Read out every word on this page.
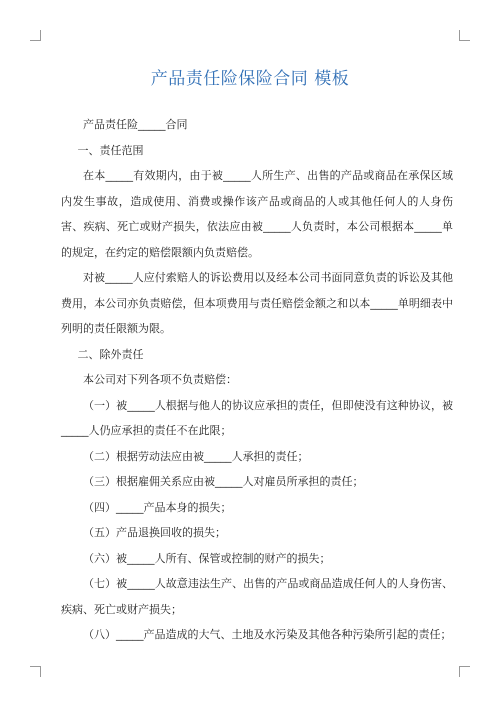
产品责任险保险合同 模板

产品责任险_____合同

一、责任范围

在本_____有效期内，由于被_____人所生产、出售的产品或商品在承保区域内发生事故，造成使用、消费或操作该产品或商品的人或其他任何人的人身伤害、疾病、死亡或财产损失，依法应由被_____人负责时，本公司根据本_____单的规定，在约定的赔偿限额内负责赔偿。

对被_____人应付索赔人的诉讼费用以及经本公司书面同意负责的诉讼及其他费用，本公司亦负责赔偿，但本项费用与责任赔偿金额之和以本_____单明细表中列明的责任限额为限。

二、除外责任

本公司对下列各项不负责赔偿：

（一）被_____人根据与他人的协议应承担的责任，但即使没有这种协议，被_____人仍应承担的责任不在此限；

（二）根据劳动法应由被_____人承担的责任；

（三）根据雇佣关系应由被_____人对雇员所承担的责任；

（四）_____产品本身的损失；

（五）产品退换回收的损失；

（六）被_____人所有、保管或控制的财产的损失；

（七）被_____人故意违法生产、出售的产品或商品造成任何人的人身伤害、疾病、死亡或财产损失；

（八）_____产品造成的大气、土地及水污染及其他各种污染所引起的责任；
